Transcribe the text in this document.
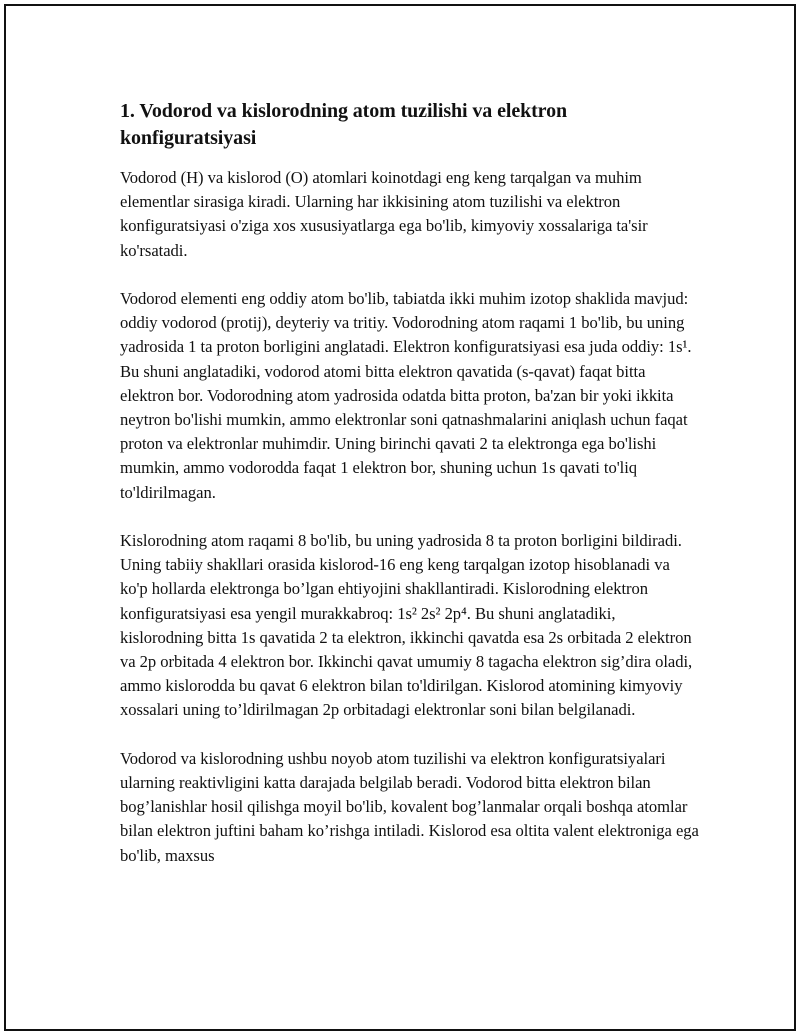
1. Vodorod va kislorodning atom tuzilishi va elektron konfiguratsiyasi

Vodorod (H) va kislorod (O) atomlari koinotdagi eng keng tarqalgan va muhim elementlar sirasiga kiradi. Ularning har ikkisining atom tuzilishi va elektron konfiguratsiyasi o'ziga xos xususiyatlarga ega bo'lib, kimyoviy xossalariga ta'sir ko'rsatadi.

Vodorod elementi eng oddiy atom bo'lib, tabiatda ikki muhim izotop shaklida mavjud: oddiy vodorod (protij), deyteriy va tritiy. Vodorodning atom raqami 1 bo'lib, bu uning yadrosida 1 ta proton borligini anglatadi. Elektron konfiguratsiyasi esa juda oddiy: 1s¹. Bu shuni anglatadiki, vodorod atomi bitta elektron qavatida (s-qavat) faqat bitta elektron bor. Vodorodning atom yadrosida odatda bitta proton, ba'zan bir yoki ikkita neytron bo'lishi mumkin, ammo elektronlar soni qatnashmalarini aniqlash uchun faqat proton va elektronlar muhimdir. Uning birinchi qavati 2 ta elektronga ega bo'lishi mumkin, ammo vodorodda faqat 1 elektron bor, shuning uchun 1s qavati to'liq to'ldirilmagan.

Kislorodning atom raqami 8 bo'lib, bu uning yadrosida 8 ta proton borligini bildiradi. Uning tabiiy shakllari orasida kislorod-16 eng keng tarqalgan izotop hisoblanadi va ko'p hollarda elektronga bo’lgan ehtiyojini shakllantiradi. Kislorodning elektron konfiguratsiyasi esa yengil murakkabroq: 1s² 2s² 2p⁴. Bu shuni anglatadiki, kislorodning bitta 1s qavatida 2 ta elektron, ikkinchi qavatda esa 2s orbitada 2 elektron va 2p orbitada 4 elektron bor. Ikkinchi qavat umumiy 8 tagacha elektron sig’dira oladi, ammo kislorodda bu qavat 6 elektron bilan to'ldirilgan. Kislorod atomining kimyoviy xossalari uning to’ldirilmagan 2p orbitadagi elektronlar soni bilan belgilanadi.

Vodorod va kislorodning ushbu noyob atom tuzilishi va elektron konfiguratsiyalari ularning reaktivligini katta darajada belgilab beradi. Vodorod bitta elektron bilan bog’lanishlar hosil qilishga moyil bo'lib, kovalent bog’lanmalar orqali boshqa atomlar bilan elektron juftini baham ko’rishga intiladi. Kislorod esa oltita valent elektroniga ega bo'lib, maxsus
